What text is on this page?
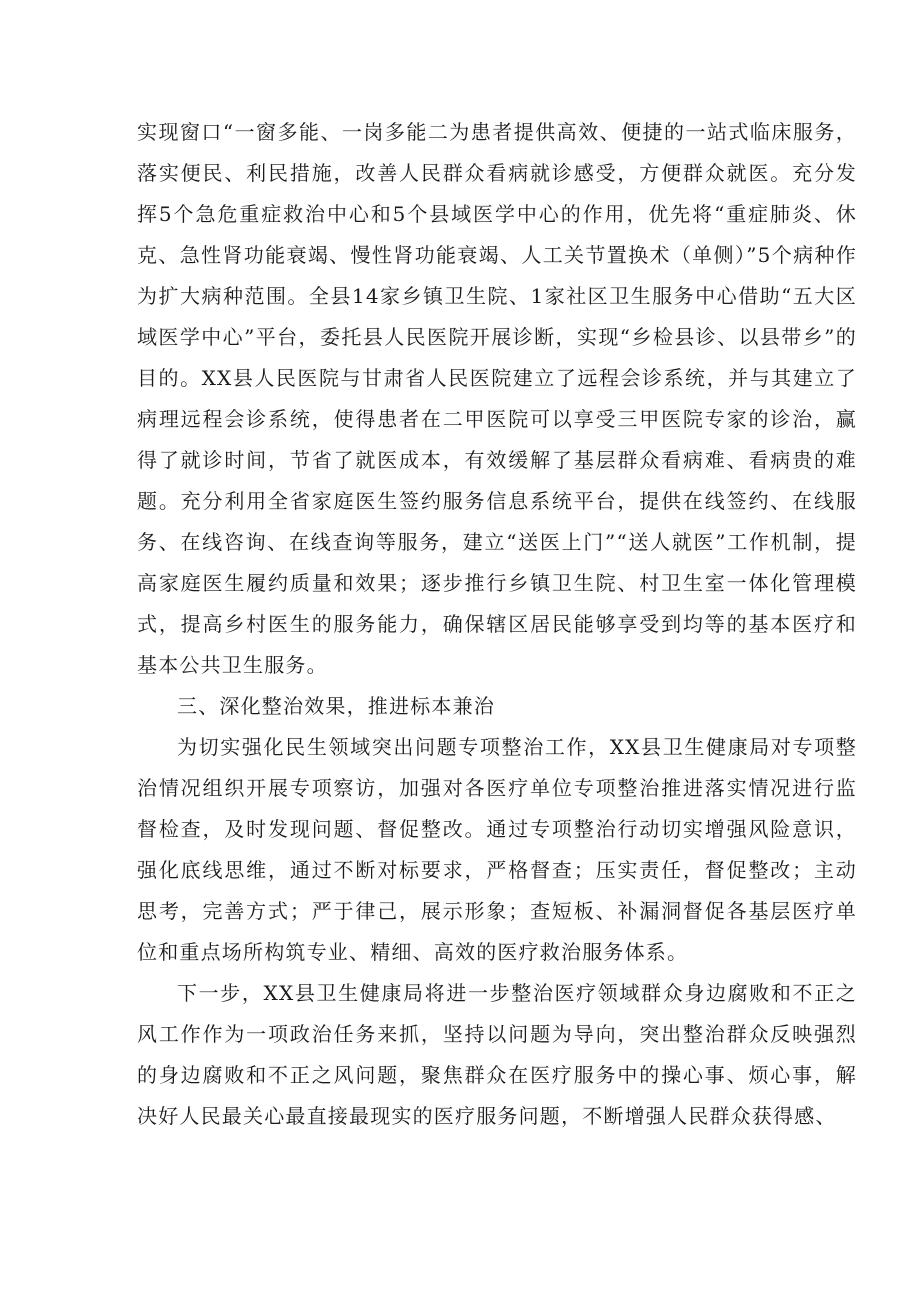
实现窗口“一窗多能、一岗多能二为患者提供高效、便捷的一站式临床服务，落实便民、利民措施，改善人民群众看病就诊感受，方便群众就医。充分发挥5个急危重症救治中心和5个县域医学中心的作用，优先将“重症肺炎、休克、急性肾功能衰竭、慢性肾功能衰竭、人工关节置换术（单侧）”5个病种作为扩大病种范围。全县14家乡镇卫生院、1家社区卫生服务中心借助“五大区域医学中心”平台，委托县人民医院开展诊断，实现“乡检县诊、以县带乡”的目的。XX县人民医院与甘肃省人民医院建立了远程会诊系统，并与其建立了病理远程会诊系统，使得患者在二甲医院可以享受三甲医院专家的诊治，赢得了就诊时间，节省了就医成本，有效缓解了基层群众看病难、看病贵的难题。充分利用全省家庭医生签约服务信息系统平台，提供在线签约、在线服务、在线咨询、在线查询等服务，建立“送医上门”“送人就医”工作机制，提高家庭医生履约质量和效果；逐步推行乡镇卫生院、村卫生室一体化管理模式，提高乡村医生的服务能力，确保辖区居民能够享受到均等的基本医疗和基本公共卫生服务。

三、深化整治效果，推进标本兼治

为切实强化民生领域突出问题专项整治工作，XX县卫生健康局对专项整治情况组织开展专项察访，加强对各医疗单位专项整治推进落实情况进行监督检查，及时发现问题、督促整改。通过专项整治行动切实增强风险意识，强化底线思维，通过不断对标要求，严格督查；压实责任，督促整改；主动思考，完善方式；严于律己，展示形象；查短板、补漏洞督促各基层医疗单位和重点场所构筑专业、精细、高效的医疗救治服务体系。

下一步，XX县卫生健康局将进一步整治医疗领域群众身边腐败和不正之风工作作为一项政治任务来抓，坚持以问题为导向，突出整治群众反映强烈的身边腐败和不正之风问题，聚焦群众在医疗服务中的操心事、烦心事，解决好人民最关心最直接最现实的医疗服务问题，不断增强人民群众获得感、
